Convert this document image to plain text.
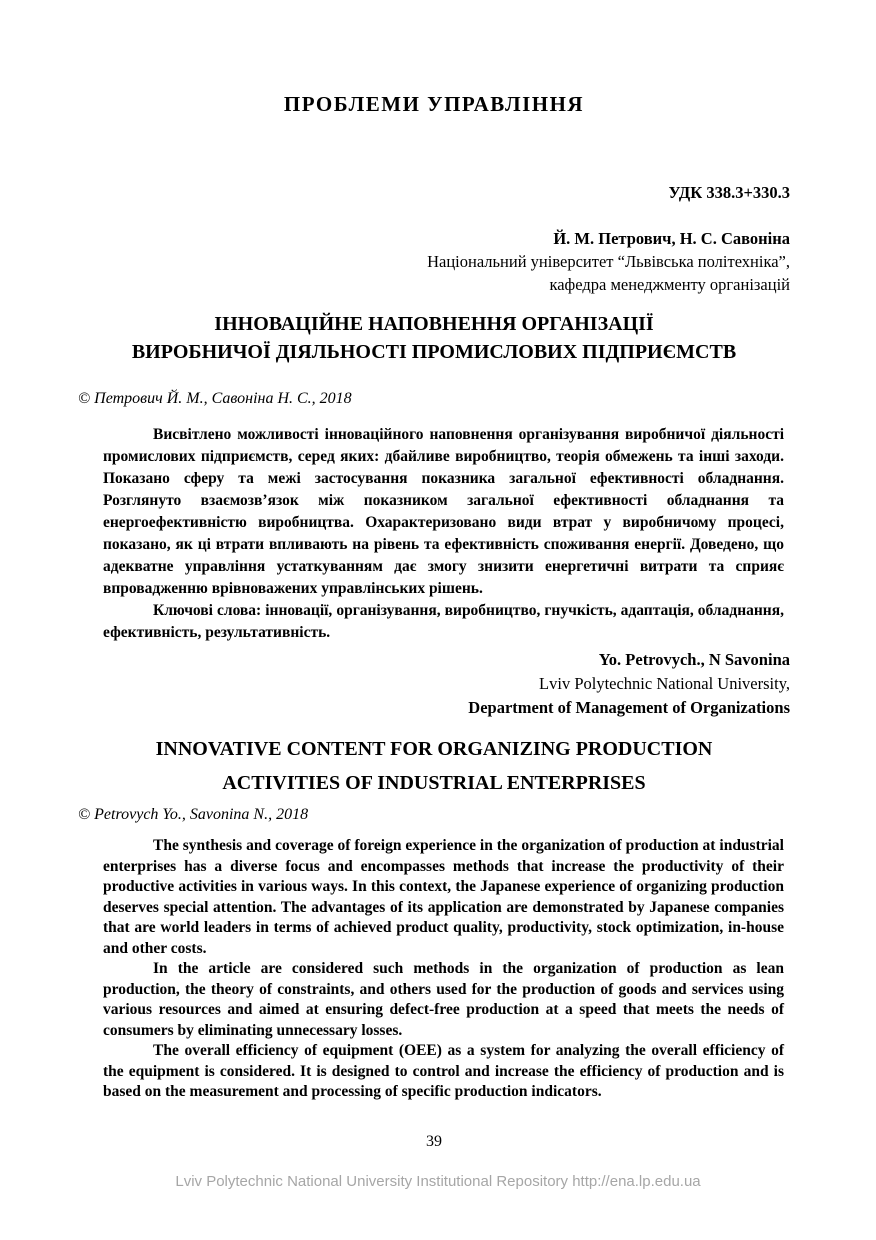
ПРОБЛЕМИ УПРАВЛІННЯ
УДК 338.3+330.3
Й. М. Петрович, Н. С. Савоніна
Національний університет “Львівська політехніка”,
кафедра менеджменту організацій
ІННОВАЦІЙНЕ НАПОВНЕННЯ ОРГАНІЗАЦІЇ
ВИРОБНИЧОЇ ДІЯЛЬНОСТІ ПРОМИСЛОВИХ ПІДПРИЄМСТВ
© Петрович Й. М., Савоніна Н. С., 2018

Висвітлено можливості інноваційного наповнення організування виробничої діяльності промислових підприємств, серед яких: дбайливе виробництво, теорія обмежень та інші заходи. Показано сферу та межі застосування показника загальної ефективності обладнання. Розглянуто взаємозв’язок між показником загальної ефективності обладнання та енергоефективністю виробництва. Охарактеризовано види втрат у виробничому процесі, показано, як ці втрати впливають на рівень та ефективність споживання енергії. Доведено, що адекватне управління устаткуванням дає змогу знизити енергетичні витрати та сприяє впровадженню врівноважених управлінських рішень.

Ключові слова: інновації, організування, виробництво, гнучкість, адаптація, обладнання, ефективність, результативність.

Yo. Petrovych., N Savonina
Lviv Polytechnic National University,
Department of Management of Organizations
INNOVATIVE CONTENT FOR ORGANIZING PRODUCTION
ACTIVITIES OF INDUSTRIAL ENTERPRISES
© Petrovych Yo., Savonina N., 2018

The synthesis and coverage of foreign experience in the organization of production at industrial enterprises has a diverse focus and encompasses methods that increase the productivity of their productive activities in various ways. In this context, the Japanese experience of organizing production deserves special attention. The advantages of its application are demonstrated by Japanese companies that are world leaders in terms of achieved product quality, productivity, stock optimization, in-house and other costs.

In the article are considered such methods in the organization of production as lean production, the theory of constraints, and others used for the production of goods and services using various resources and aimed at ensuring defect-free production at a speed that meets the needs of consumers by eliminating unnecessary losses.

The overall efficiency of equipment (OEE) as a system for analyzing the overall efficiency of the equipment is considered. It is designed to control and increase the efficiency of production and is based on the measurement and processing of specific production indicators.

39
Lviv Polytechnic National University Institutional Repository http://ena.lp.edu.ua
